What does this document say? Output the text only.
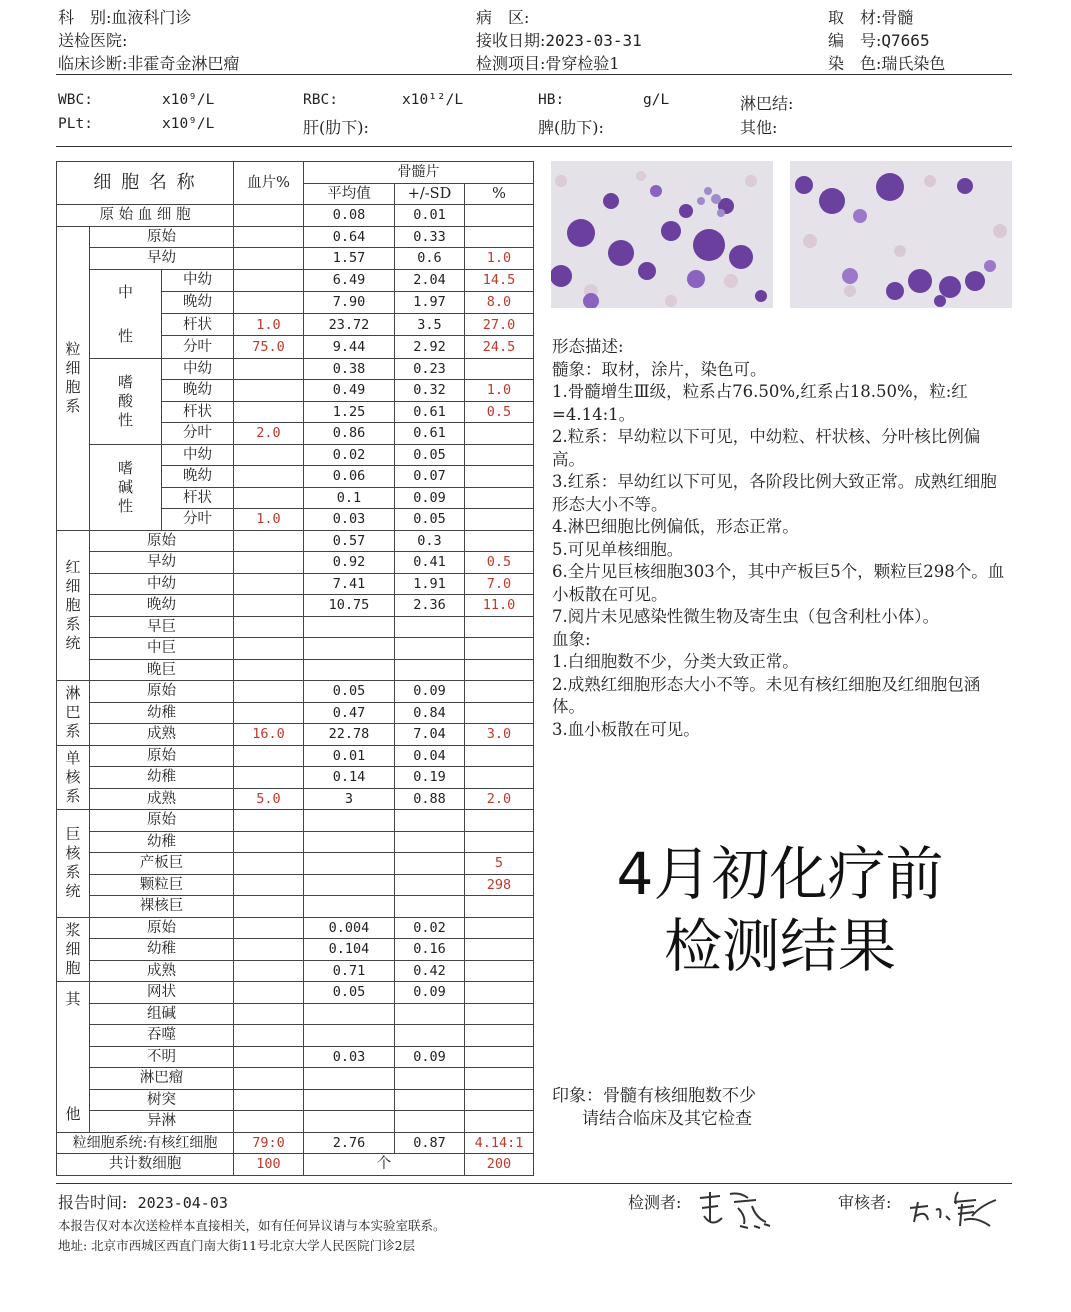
科　别:血液科门诊	病　区:	取　材:骨髓
送检医院:	接收日期:2023-03-31	编　号:Q7665
临床诊断:非霍奇金淋巴瘤	检测项目:骨穿检验1	染　色:瑞氏染色
WBC:	x10⁹/L	RBC:	x10¹²/L	HB:	g/L	淋巴结:
PLt:	x10⁹/L	肝(肋下):	脾(肋下):	其他:
细 胞 名 称			血片%	骨髓片		
				平均值	+/-SD	%
原 始 血 细 胞				0.08	0.01	
粒
细
胞
系	原始			0.64	0.33	
	早幼			1.57	0.6	1.0
	中
性	中幼		6.49	2.04	14.5
		晚幼		7.90	1.97	8.0
		杆状	1.0	23.72	3.5	27.0
		分叶	75.0	9.44	2.92	24.5
	嗜
酸
性	中幼		0.38	0.23	
		晚幼		0.49	0.32	1.0
		杆状		1.25	0.61	0.5
		分叶	2.0	0.86	0.61	
	嗜
碱
性	中幼		0.02	0.05	
		晚幼		0.06	0.07	
		杆状		0.1	0.09	
		分叶	1.0	0.03	0.05	
红
细
胞
系
统	原始			0.57	0.3	
	早幼			0.92	0.41	0.5
	中幼			7.41	1.91	7.0
	晚幼			10.75	2.36	11.0
	早巨					
	中巨					
	晚巨					
淋
巴
系	原始			0.05	0.09	
	幼稚			0.47	0.84	
	成熟		16.0	22.78	7.04	3.0
单
核
系	原始			0.01	0.04	
	幼稚			0.14	0.19	
	成熟		5.0	3	0.88	2.0
巨
核
系
统	原始					
	幼稚					
	产板巨					5
	颗粒巨					298
	裸核巨					
浆
细
胞	原始			0.004	0.02	
	幼稚			0.104	0.16	
	成熟			0.71	0.42	

其
他	网状			0.05	0.09	
	组碱					
	吞噬					
	不明			0.03	0.09	
	淋巴瘤					
	树突					
	异淋					
粒细胞系统:有核红细胞			79:0	2.76	0.87	4.14:1
共计数细胞			100	个		200
形态描述:
髓象：取材，涂片，染色可。
1.骨髓增生Ⅲ级，粒系占76.50%,红系占18.50%，粒:红=4.14:1。
2.粒系：早幼粒以下可见，中幼粒、杆状核、分叶核比例偏高。
3.红系：早幼红以下可见，各阶段比例大致正常。成熟红细胞形态大小不等。
4.淋巴细胞比例偏低，形态正常。
5.可见单核细胞。
6.全片见巨核细胞303个，其中产板巨5个，颗粒巨298个。血小板散在可见。
7.阅片未见感染性微生物及寄生虫（包含利杜小体）。
血象:
1.白细胞数不少，分类大致正常。
2.成熟红细胞形态大小不等。未见有核红细胞及红细胞包涵体。
3.血小板散在可见。
4月初化疗前
检测结果
印象：骨髓有核细胞数不少
请结合临床及其它检查
报告时间: 2023-04-03	检测者:	审核者:
本报告仅对本次送检样本直接相关，如有任何异议请与本实验室联系。
地址: 北京市西城区西直门南大街11号北京大学人民医院门诊2层
